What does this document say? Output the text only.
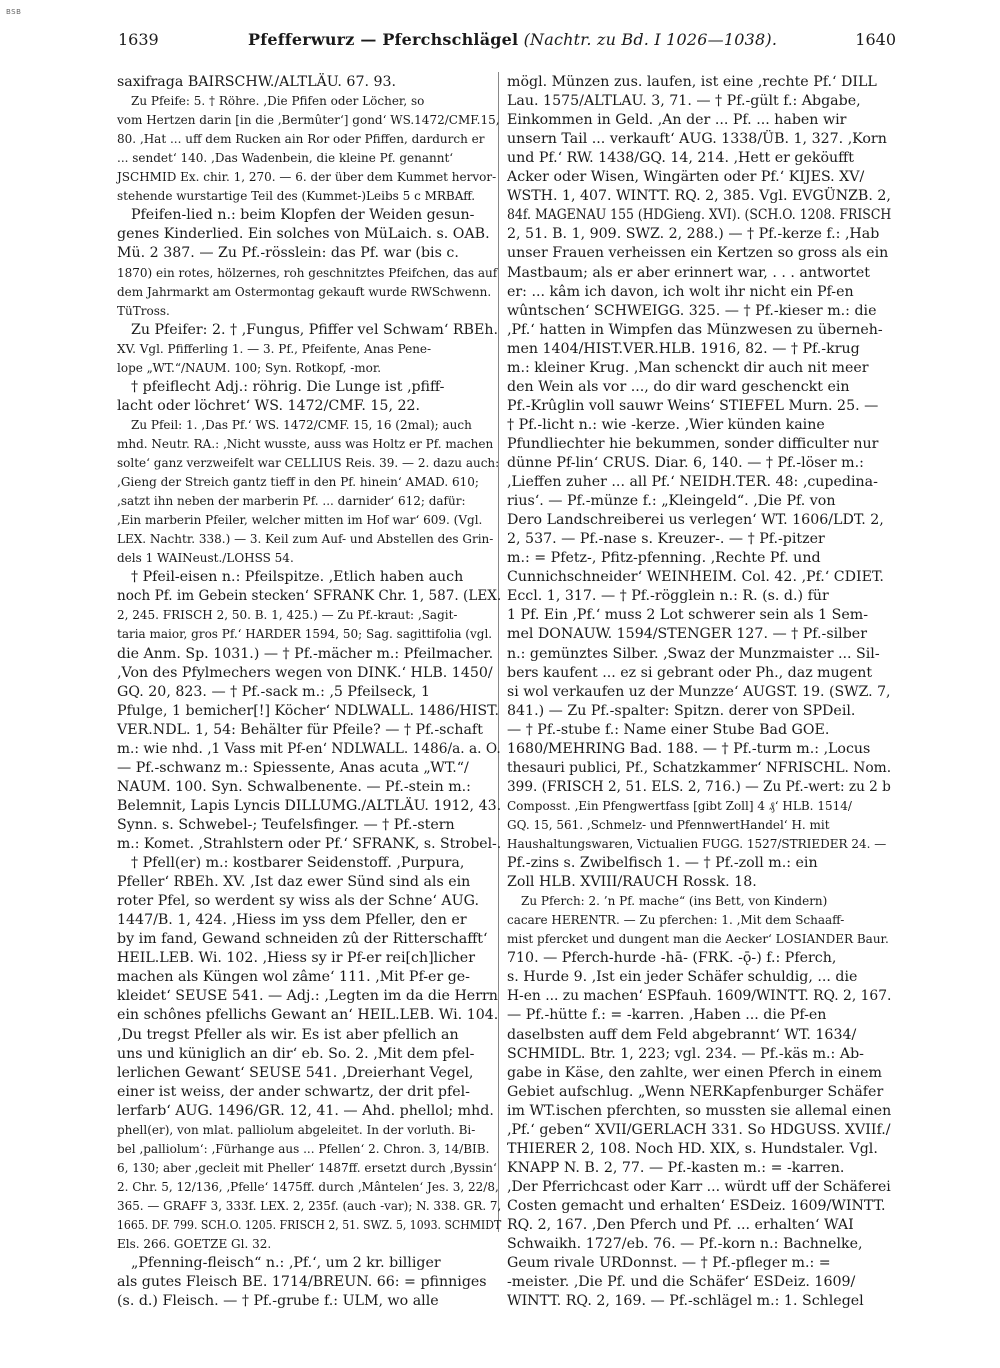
BSB
1639	Pfefferwurz — Pferchschlägel (Nachtr. zu Bd. I 1026—1038).	1640
saxifraga BAIRSCHW./ALTLÄU. 67. 93.
Zu Pfeife: 5. † Röhre. ‚Die Pfifen oder Löcher, so
vom Hertzen darin [in die ‚Bermûter‘] gond‘ WS.1472/CMF.15,
80. ‚Hat ... uff dem Rucken ain Ror oder Pfiffen, dardurch er
... sendet‘ 140. ‚Das Wadenbein, die kleine Pf. genannt‘
JSCHMID Ex. chir. 1, 270. — 6. der über dem Kummet hervor-
stehende wurstartige Teil des (Kummet-)Leibs 5 c MRBAff.
Pfeifen-lied n.: beim Klopfen der Weiden gesun-
genes Kinderlied. Ein solches von MüLaich. s. OAB.
Mü. 2 387. — Zu Pf.-rösslein: das Pf. war (bis c.
1870) ein rotes, hölzernes, roh geschnitztes Pfeifchen, das auf
dem Jahrmarkt am Ostermontag gekauft wurde RWSchwenn.
TüTross.
Zu Pfeifer: 2. † ‚Fungus, Pfiffer vel Schwam‘ RBEh.
XV. Vgl. Pfifferling 1. — 3. Pf., Pfeifente, Anas Pene-
lope „WT.“/NAUM. 100; Syn. Rotkopf, -mor.
† pfeiflecht Adj.: röhrig. Die Lunge ist ‚pfiff-
lacht oder löchret‘ WS. 1472/CMF. 15, 22.
Zu Pfeil: 1. ‚Das Pf.‘ WS. 1472/CMF. 15, 16 (2mal); auch
mhd. Neutr. RA.: ‚Nicht wusste, auss was Holtz er Pf. machen
solte‘ ganz verzweifelt war CELLIUS Reis. 39. — 2. dazu auch:
‚Gieng der Streich gantz tieff in den Pf. hinein‘ AMAD. 610;
‚satzt ihn neben der marberin Pf. ... darnider‘ 612; dafür:
‚Ein marberin Pfeiler, welcher mitten im Hof war‘ 609. (Vgl.
LEX. Nachtr. 338.) — 3. Keil zum Auf- und Abstellen des Grin-
dels 1 WAINeust./LOHSS 54.
† Pfeil-eisen n.: Pfeilspitze. ‚Etlich haben auch
noch Pf. im Gebein stecken‘ SFRANK Chr. 1, 587. (LEX.
2, 245. FRISCH 2, 50. B. 1, 425.) — Zu Pf.-kraut: ‚Sagit-
taria maior, gros Pf.‘ HARDER 1594, 50; Sag. sagittifolia (vgl.
die Anm. Sp. 1031.) — † Pf.-mächer m.: Pfeilmacher.
‚Von des Pfylmechers wegen von DINK.‘ HLB. 1450/
GQ. 20, 823. — † Pf.-sack m.: ‚5 Pfeilseck, 1
Pfulge, 1 bemicher[!] Köcher‘ NDLWALL. 1486/HIST.
VER.NDL. 1, 54: Behälter für Pfeile? — † Pf.-schaft
m.: wie nhd. ‚1 Vass mit Pf-en‘ NDLWALL. 1486/a. a. O.
— Pf.-schwanz m.: Spiessente, Anas acuta „WT.“/
NAUM. 100. Syn. Schwalbenente. — Pf.-stein m.:
Belemnit, Lapis Lyncis DILLUMG./ALTLÄU. 1912, 43.
Synn. s. Schwebel-; Teufelsfinger. — † Pf.-stern
m.: Komet. ‚Strahlstern oder Pf.‘ SFRANK, s. Strobel-.
† Pfell(er) m.: kostbarer Seidenstoff. ‚Purpura,
Pfeller‘ RBEh. XV. ‚Ist daz ewer Sünd sind als ein
roter Pfel, so werdent sy wiss als der Schne‘ AUG.
1447/B. 1, 424. ‚Hiess im yss dem Pfeller, den er
by im fand, Gewand schneiden zû der Ritterschafft‘
HEIL.LEB. Wi. 102. ‚Hiess sy ir Pf-er rei[ch]licher
machen als Küngen wol zâme‘ 111. ‚Mit Pf-er ge-
kleidet‘ SEUSE 541. — Adj.: ‚Legten im da die Herrn
ein schônes pfellichs Gewant an‘ HEIL.LEB. Wi. 104.
‚Du tregst Pfeller als wir. Es ist aber pfellich an
uns und küniglich an dir‘ eb. So. 2. ‚Mit dem pfel-
lerlichen Gewant‘ SEUSE 541. ‚Dreierhant Vegel,
einer ist weiss, der ander schwartz, der drit pfel-
lerfarb‘ AUG. 1496/GR. 12, 41. — Ahd. phellol; mhd.
phell(er), von mlat. palliolum abgeleitet. In der vorluth. Bi-
bel ‚palliolum‘: ‚Fürhange aus ... Pfellen‘ 2. Chron. 3, 14/BIB.
6, 130; aber ‚gecleit mit Pheller‘ 1487ff. ersetzt durch ‚Byssin‘
2. Chr. 5, 12/136, ‚Pfelle‘ 1475ff. durch ‚Mântelen‘ Jes. 3, 22/8,
365. — GRAFF 3, 333f. LEX. 2, 235f. (auch -var); N. 338. GR. 7,
1665. DF. 799. SCH.O. 1205. FRISCH 2, 51. SWZ. 5, 1093. SCHMIDT
Els. 266. GOETZE Gl. 32.
„Pfenning-fleisch“ n.: ‚Pf.‘, um 2 kr. billiger
als gutes Fleisch BE. 1714/BREUN. 66: = pfinniges
(s. d.) Fleisch. — † Pf.-grube f.: ULM, wo alle
mögl. Münzen zus. laufen, ist eine ‚rechte Pf.‘ DILL
Lau. 1575/ALTLAU. 3, 71. — † Pf.-gült f.: Abgabe,
Einkommen in Geld. ‚An der ... Pf. ... haben wir
unsern Tail ... verkauft‘ AUG. 1338/ÜB. 1, 327. ‚Korn
und Pf.‘ RW. 1438/GQ. 14, 214. ‚Hett er geköufft
Acker oder Wisen, Wingärten oder Pf.‘ KIJES. XV/
WSTH. 1, 407. WINTT. RQ. 2, 385. Vgl. EVGÜNZB. 2,
84f. MAGENAU 155 (HDGieng. XVI). (SCH.O. 1208. FRISCH
2, 51. B. 1, 909. SWZ. 2, 288.) — † Pf.-kerze f.: ‚Hab
unser Frauen verheissen ein Kertzen so gross als ein
Mastbaum; als er aber erinnert war, . . . antwortet
er: ... kâm ich davon, ich wolt ihr nicht ein Pf-en
wûntschen‘ SCHWEIGG. 325. — † Pf.-kieser m.: die
‚Pf.‘ hatten in Wimpfen das Münzwesen zu überneh-
men 1404/HIST.VER.HLB. 1916, 82. — † Pf.-krug
m.: kleiner Krug. ‚Man schenckt dir auch nit meer
den Wein als vor ..., do dir ward geschenckt ein
Pf.-Krûglin voll sauwr Weins‘ STIEFEL Murn. 25. —
† Pf.-licht n.: wie -kerze. ‚Wier künden kaine
Pfundliechter hie bekummen, sonder difficulter nur
dünne Pf-lin‘ CRUS. Diar. 6, 140. — † Pf.-löser m.:
‚Lieffen zuher ... all Pf.‘ NEIDH.TER. 48: ‚cupedina-
rius‘. — Pf.-münze f.: „Kleingeld“. ‚Die Pf. von
Dero Landschreiberei us verlegen‘ WT. 1606/LDT. 2,
2, 537. — Pf.-nase s. Kreuzer-. — † Pf.-pitzer
m.: = Pfetz-, Pfitz-pfenning. ‚Rechte Pf. und
Cunnichschneider‘ WEINHEIM. Col. 42. ‚Pf.‘ CDIET.
Eccl. 1, 317. — † Pf.-rögglein n.: R. (s. d.) für
1 Pf. Ein ‚Pf.‘ muss 2 Lot schwerer sein als 1 Sem-
mel DONAUW. 1594/STENGER 127. — † Pf.-silber
n.: gemünztes Silber. ‚Swaz der Munzmaister ... Sil-
bers kaufent ... ez si gebrant oder Ph., daz mugent
si wol verkaufen uz der Munzze‘ AUGST. 19. (SWZ. 7,
841.) — Zu Pf.-spalter: Spitzn. derer von SPDeil.
— † Pf.-stube f.: Name einer Stube Bad GOE.
1680/MEHRING Bad. 188. — † Pf.-turm m.: ‚Locus
thesauri publici, Pf., Schatzkammer‘ NFRISCHL. Nom.
399. (FRISCH 2, 51. ELS. 2, 716.) — Zu Pf.-wert: zu 2 b
Composst. ‚Ein Pfengwertfass [gibt Zoll] 4 ₰‘ HLB. 1514/
GQ. 15, 561. ‚Schmelz- und PfennwertHandel‘ H. mit
Haushaltungswaren, Victualien FUGG. 1527/STRIEDER 24. —
Pf.-zins s. Zwibelfisch 1. — † Pf.-zoll m.: ein
Zoll HLB. XVIII/RAUCH Rossk. 18.
Zu Pferch: 2. ’n Pf. mache“ (ins Bett, von Kindern)
cacare HERENTR. — Zu pferchen: 1. ‚Mit dem Schaaff-
mist pfercket und dungent man die Aecker‘ LOSIANDER Baur.
710. — Pferch-hurde -hā- (FRK. -ǭ-) f.: Pferch,
s. Hurde 9. ‚Ist ein jeder Schäfer schuldig, ... die
H-en ... zu machen‘ ESPfauh. 1609/WINTT. RQ. 2, 167.
— Pf.-hütte f.: = -karren. ‚Haben ... die Pf-en
daselbsten auff dem Feld abgebrannt‘ WT. 1634/
SCHMIDL. Btr. 1, 223; vgl. 234. — Pf.-käs m.: Ab-
gabe in Käse, den zahlte, wer einen Pferch in einem
Gebiet aufschlug. „Wenn NERKapfenburger Schäfer
im WT.ischen pferchten, so mussten sie allemal einen
‚Pf.‘ geben“ XVII/GERLACH 331. So HDGUSS. XVIIf./
THIERER 2, 108. Noch HD. XIX, s. Hundstaler. Vgl.
KNAPP N. B. 2, 77. — Pf.-kasten m.: = -karren.
‚Der Pferrichcast oder Karr ... würdt uff der Schäferei
Costen gemacht und erhalten‘ ESDeiz. 1609/WINTT.
RQ. 2, 167. ‚Den Pferch und Pf. ... erhalten‘ WAI
Schwaikh. 1727/eb. 76. — Pf.-korn n.: Bachnelke,
Geum rivale URDonnst. — † Pf.-pfleger m.: =
-meister. ‚Die Pf. und die Schäfer‘ ESDeiz. 1609/
WINTT. RQ. 2, 169. — Pf.-schlägel m.: 1. Schlegel
